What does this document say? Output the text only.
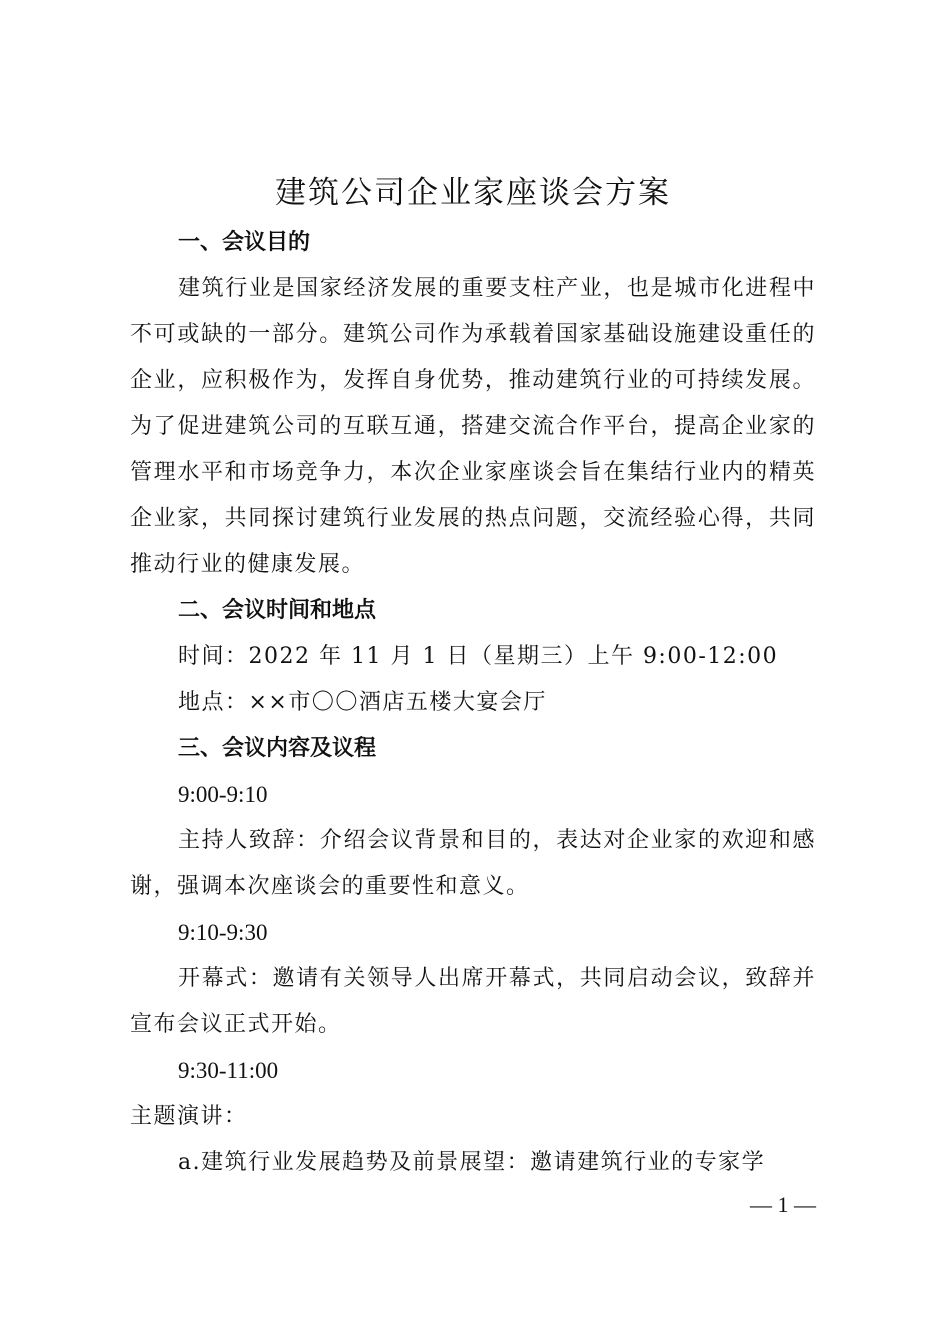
建筑公司企业家座谈会方案

一、会议目的

建筑行业是国家经济发展的重要支柱产业，也是城市化进程中不可或缺的一部分。建筑公司作为承载着国家基础设施建设重任的企业，应积极作为，发挥自身优势，推动建筑行业的可持续发展。为了促进建筑公司的互联互通，搭建交流合作平台，提高企业家的管理水平和市场竞争力，本次企业家座谈会旨在集结行业内的精英企业家，共同探讨建筑行业发展的热点问题，交流经验心得，共同推动行业的健康发展。

二、会议时间和地点

时间：2022 年 11 月 1 日（星期三）上午 9:00-12:00

地点：××市〇〇酒店五楼大宴会厅

三、会议内容及议程

9:00-9:10

主持人致辞：介绍会议背景和目的，表达对企业家的欢迎和感谢，强调本次座谈会的重要性和意义。

9:10-9:30

开幕式：邀请有关领导人出席开幕式，共同启动会议，致辞并宣布会议正式开始。

9:30-11:00

主题演讲：

a.建筑行业发展趋势及前景展望：邀请建筑行业的专家学

— 1 —
